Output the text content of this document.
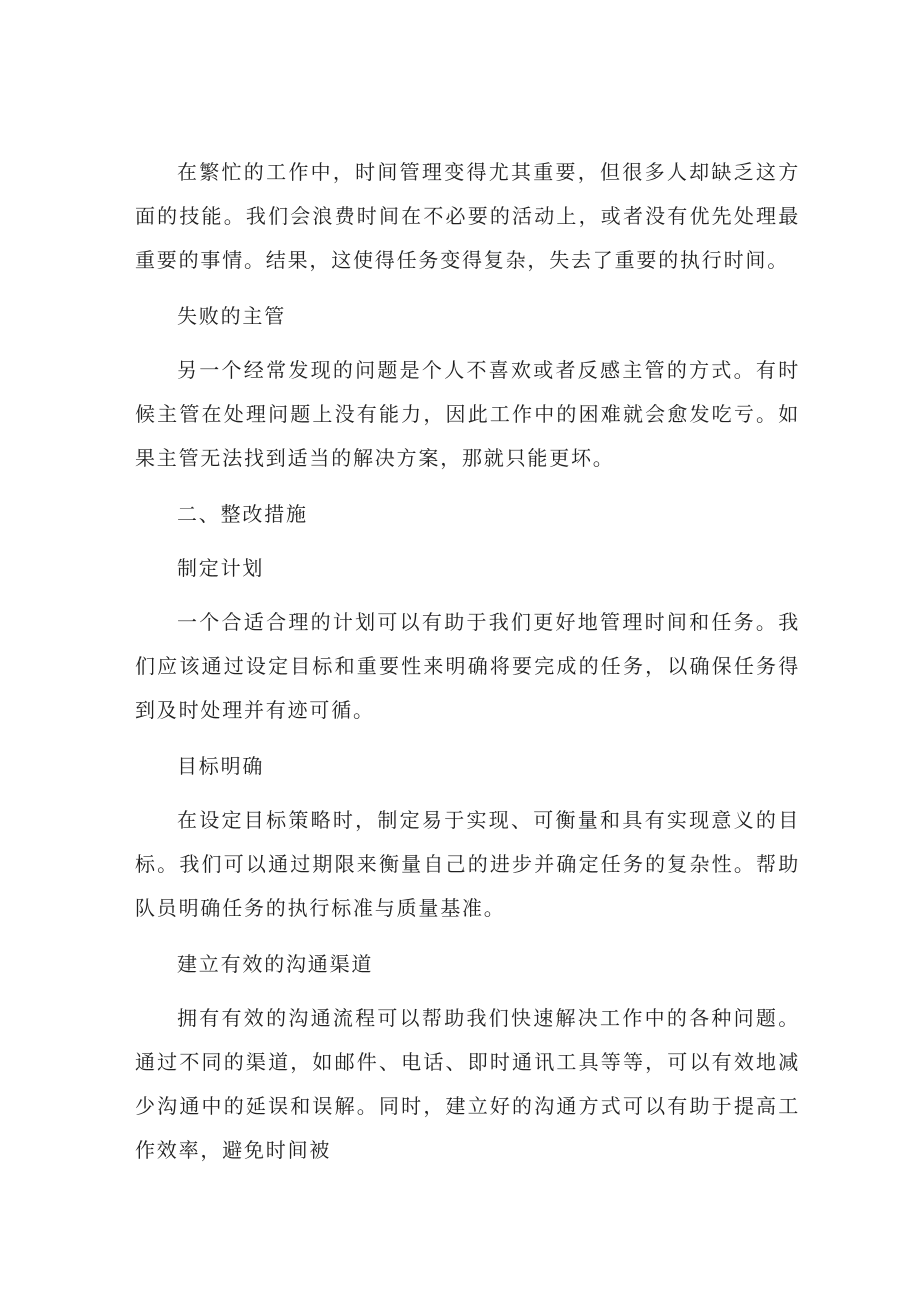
在繁忙的工作中，时间管理变得尤其重要，但很多人却缺乏这方面的技能。我们会浪费时间在不必要的活动上，或者没有优先处理最重要的事情。结果，这使得任务变得复杂，失去了重要的执行时间。

失败的主管

另一个经常发现的问题是个人不喜欢或者反感主管的方式。有时候主管在处理问题上没有能力，因此工作中的困难就会愈发吃亏。如果主管无法找到适当的解决方案，那就只能更坏。

二、整改措施

制定计划

一个合适合理的计划可以有助于我们更好地管理时间和任务。我们应该通过设定目标和重要性来明确将要完成的任务，以确保任务得到及时处理并有迹可循。

目标明确

在设定目标策略时，制定易于实现、可衡量和具有实现意义的目标。我们可以通过期限来衡量自己的进步并确定任务的复杂性。帮助队员明确任务的执行标准与质量基准。

建立有效的沟通渠道

拥有有效的沟通流程可以帮助我们快速解决工作中的各种问题。通过不同的渠道，如邮件、电话、即时通讯工具等等，可以有效地减少沟通中的延误和误解。同时，建立好的沟通方式可以有助于提高工作效率，避免时间被
